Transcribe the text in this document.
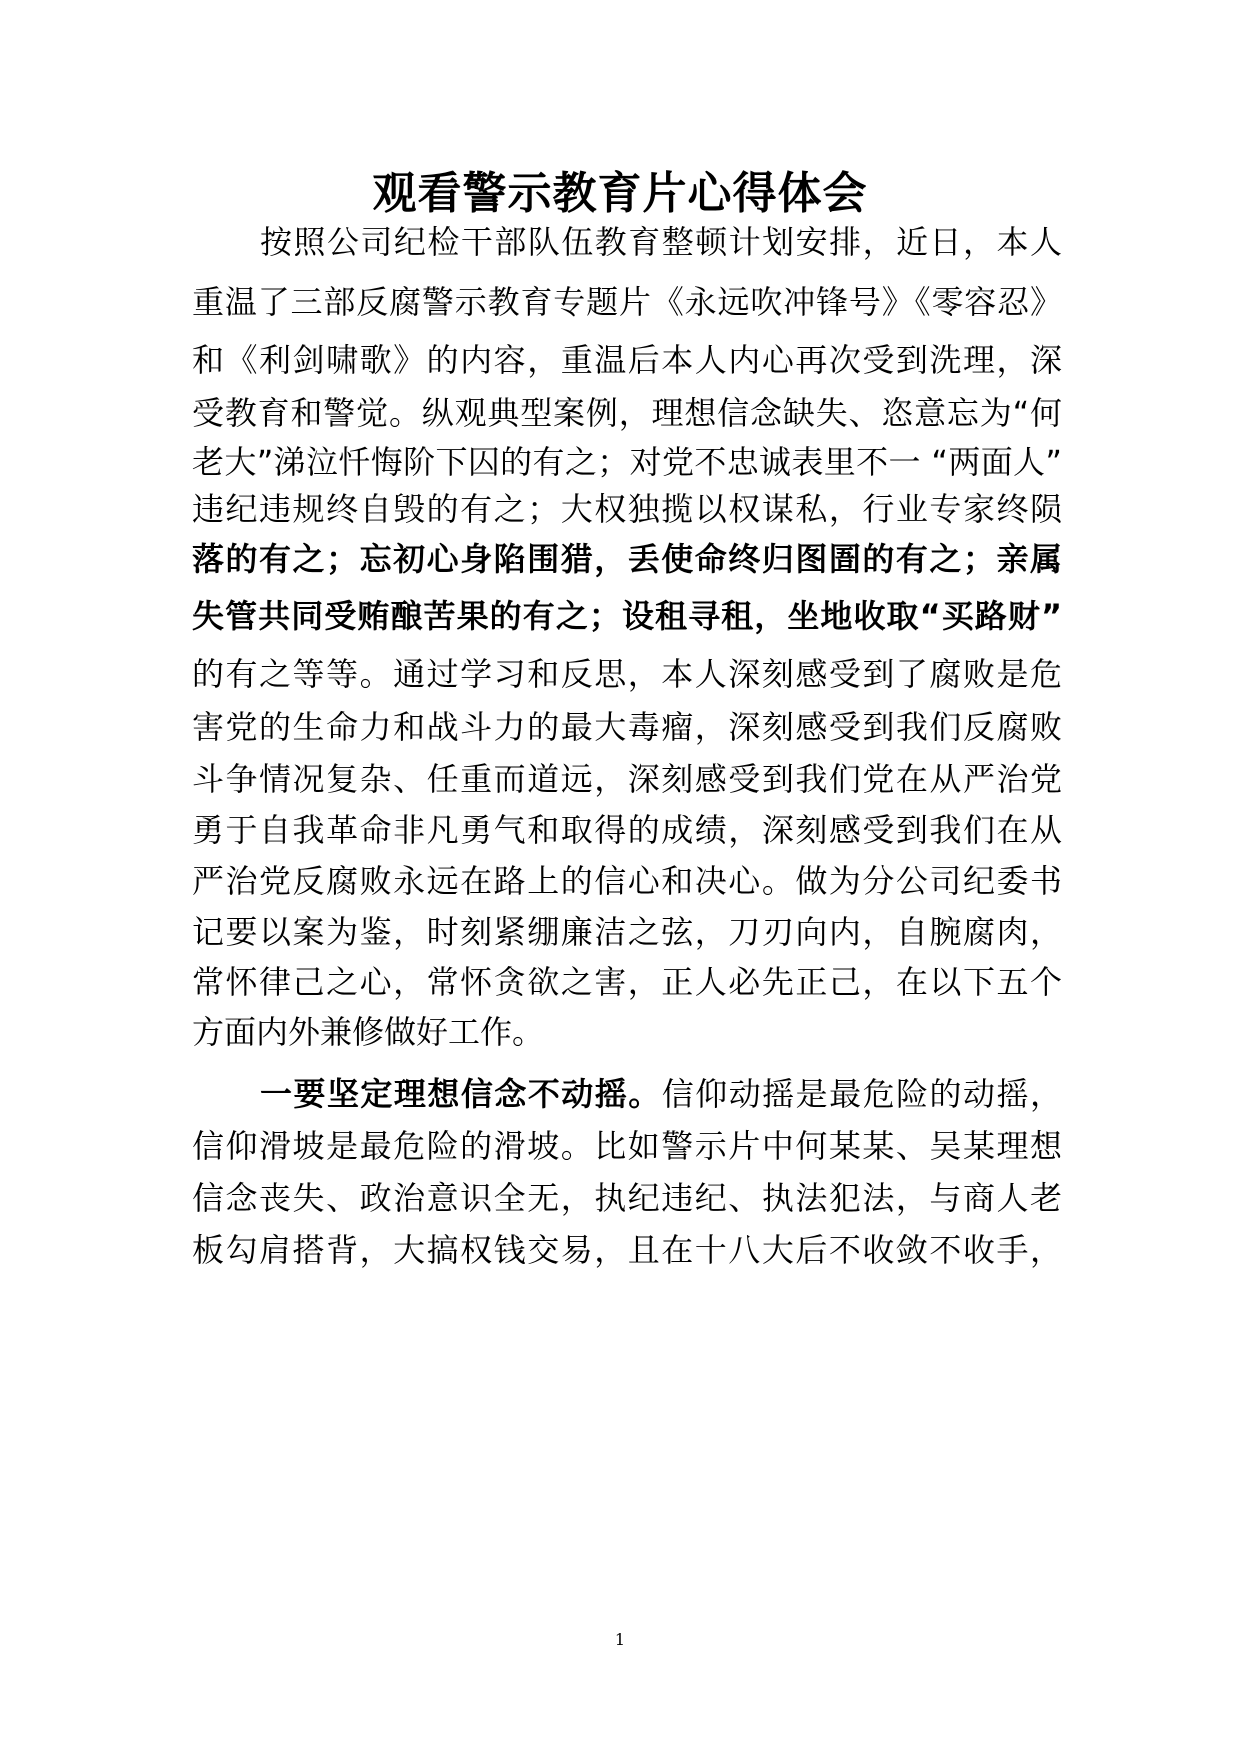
观看警示教育片心得体会
按照公司纪检干部队伍教育整顿计划安排，近日，本人
重温了三部反腐警示教育专题片《永远吹冲锋号》《零容忍》
和《利剑啸歌》的内容，重温后本人内心再次受到洗理，深
受教育和警觉。纵观典型案例，理想信念缺失、恣意忘为“何
老大”涕泣忏悔阶下囚的有之；对党不忠诚表里不一 “两面人”
违纪违规终自毁的有之；大权独揽以权谋私，行业专家终陨
落的有之；忘初心身陷围猎，丢使命终归图圄的有之；亲属
失管共同受贿酿苦果的有之；设租寻租，坐地收取“买路财”
的有之等等。通过学习和反思，本人深刻感受到了腐败是危
害党的生命力和战斗力的最大毒瘤，深刻感受到我们反腐败
斗争情况复杂、任重而道远，深刻感受到我们党在从严治党
勇于自我革命非凡勇气和取得的成绩，深刻感受到我们在从
严治党反腐败永远在路上的信心和决心。做为分公司纪委书
记要以案为鉴，时刻紧绷廉洁之弦，刀刃向内，自腕腐肉，
常怀律己之心，常怀贪欲之害，正人必先正己，在以下五个
方面内外兼修做好工作。
一要坚定理想信念不动摇。信仰动摇是最危险的动摇，
信仰滑坡是最危险的滑坡。比如警示片中何某某、吴某理想
信念丧失、政治意识全无，执纪违纪、执法犯法，与商人老
板勾肩搭背，大搞权钱交易，且在十八大后不收敛不收手，
1
